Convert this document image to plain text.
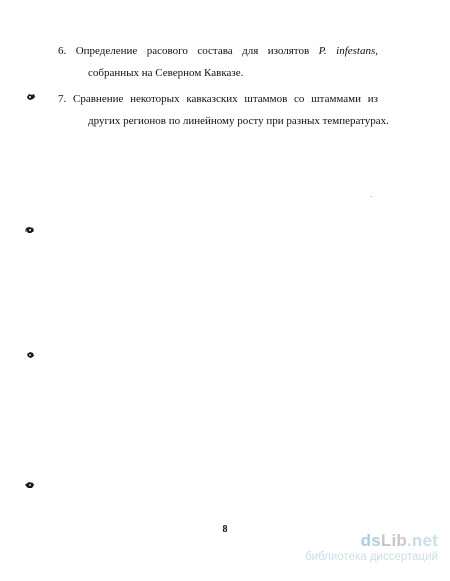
6. Определение расового состава для изолятов P. infestans,
собранных на Северном Кавказе.
7. Сравнение некоторых кавказских штаммов со штаммами из
других регионов по линейному росту при разных температурах.
8
dsLib.net
библиотека диссертаций
